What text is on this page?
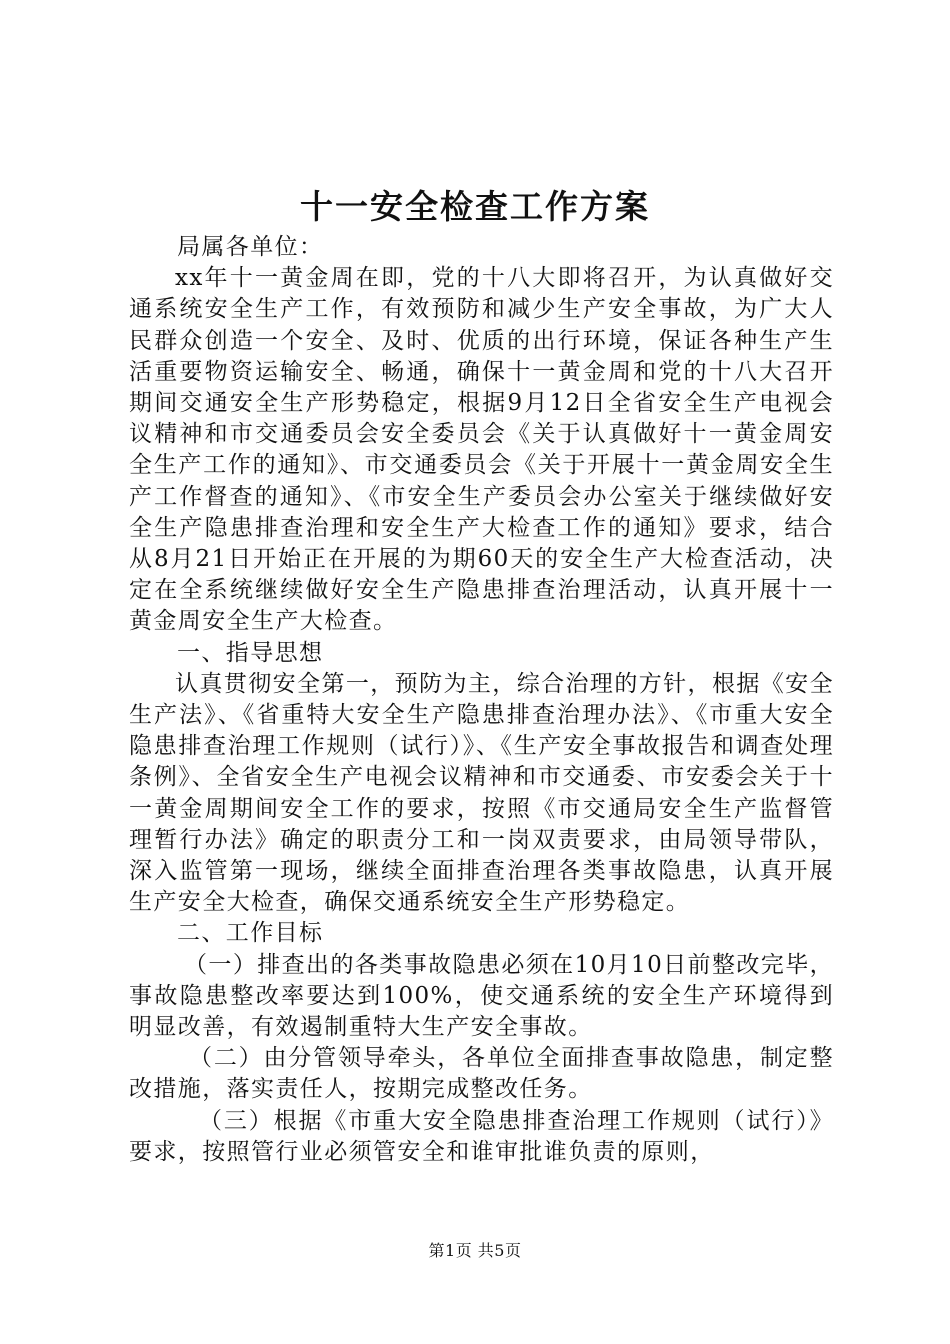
十一安全检查工作方案

局属各单位：

xx年十一黄金周在即，党的十八大即将召开，为认真做好交通系统安全生产工作，有效预防和减少生产安全事故，为广大人民群众创造一个安全、及时、优质的出行环境，保证各种生产生活重要物资运输安全、畅通，确保十一黄金周和党的十八大召开期间交通安全生产形势稳定，根据9月12日全省安全生产电视会议精神和市交通委员会安全委员会《关于认真做好十一黄金周安全生产工作的通知》、市交通委员会《关于开展十一黄金周安全生产工作督查的通知》、《市安全生产委员会办公室关于继续做好安全生产隐患排查治理和安全生产大检查工作的通知》要求，结合从8月21日开始正在开展的为期60天的安全生产大检查活动，决定在全系统继续做好安全生产隐患排查治理活动，认真开展十一黄金周安全生产大检查。

一、指导思想

认真贯彻安全第一，预防为主，综合治理的方针，根据《安全生产法》、《省重特大安全生产隐患排查治理办法》、《市重大安全隐患排查治理工作规则（试行）》、《生产安全事故报告和调查处理条例》、全省安全生产电视会议精神和市交通委、市安委会关于十一黄金周期间安全工作的要求，按照《市交通局安全生产监督管理暂行办法》确定的职责分工和一岗双责要求，由局领导带队，深入监管第一现场，继续全面排查治理各类事故隐患，认真开展生产安全大检查，确保交通系统安全生产形势稳定。

二、工作目标

（一）排查出的各类事故隐患必须在10月10日前整改完毕，事故隐患整改率要达到100%，使交通系统的安全生产环境得到明显改善，有效遏制重特大生产安全事故。

（二）由分管领导牵头，各单位全面排查事故隐患，制定整改措施，落实责任人，按期完成整改任务。

（三）根据《市重大安全隐患排查治理工作规则（试行）》要求，按照管行业必须管安全和谁审批谁负责的原则，

第1页 共5页
